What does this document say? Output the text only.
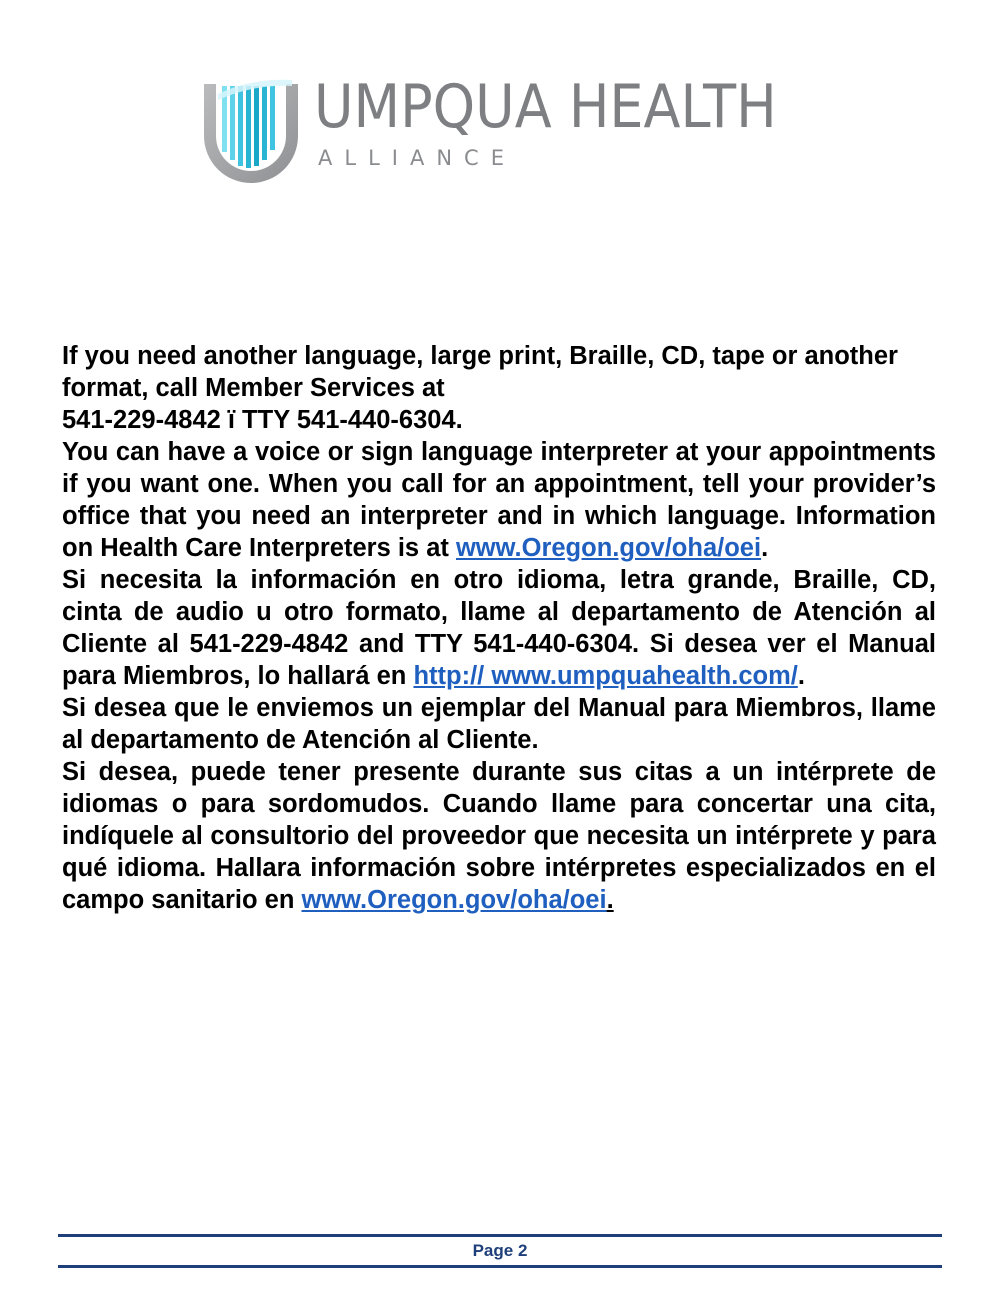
UMPQUA HEALTH
ALLIANCE

If you need another language, large print, Braille, CD, tape or another format, call Member Services at
541-229-4842 ï TTY 541-440-6304.

You can have a voice or sign language interpreter at your appointments if you want one. When you call for an appointment, tell your provider’s office that you need an interpreter and in which language. Information on Health Care Interpreters is at www.Oregon.gov/oha/oei.

Si necesita la información en otro idioma, letra grande, Braille, CD, cinta de audio u otro formato, llame al departamento de Atención al Cliente al 541-229-4842 and TTY 541-440-6304. Si desea ver el Manual para Miembros, lo hallará en http:// www.umpquahealth.com/.

Si desea que le enviemos un ejemplar del Manual para Miembros, llame al departamento de Atención al Cliente.

Si desea, puede tener presente durante sus citas a un intérprete de idiomas o para sordomudos. Cuando llame para concertar una cita, indíquele al consultorio del proveedor que necesita un intérprete y para qué idioma. Hallara información sobre intérpretes especializados en el campo sanitario en www.Oregon.gov/oha/oei.

Page 2
